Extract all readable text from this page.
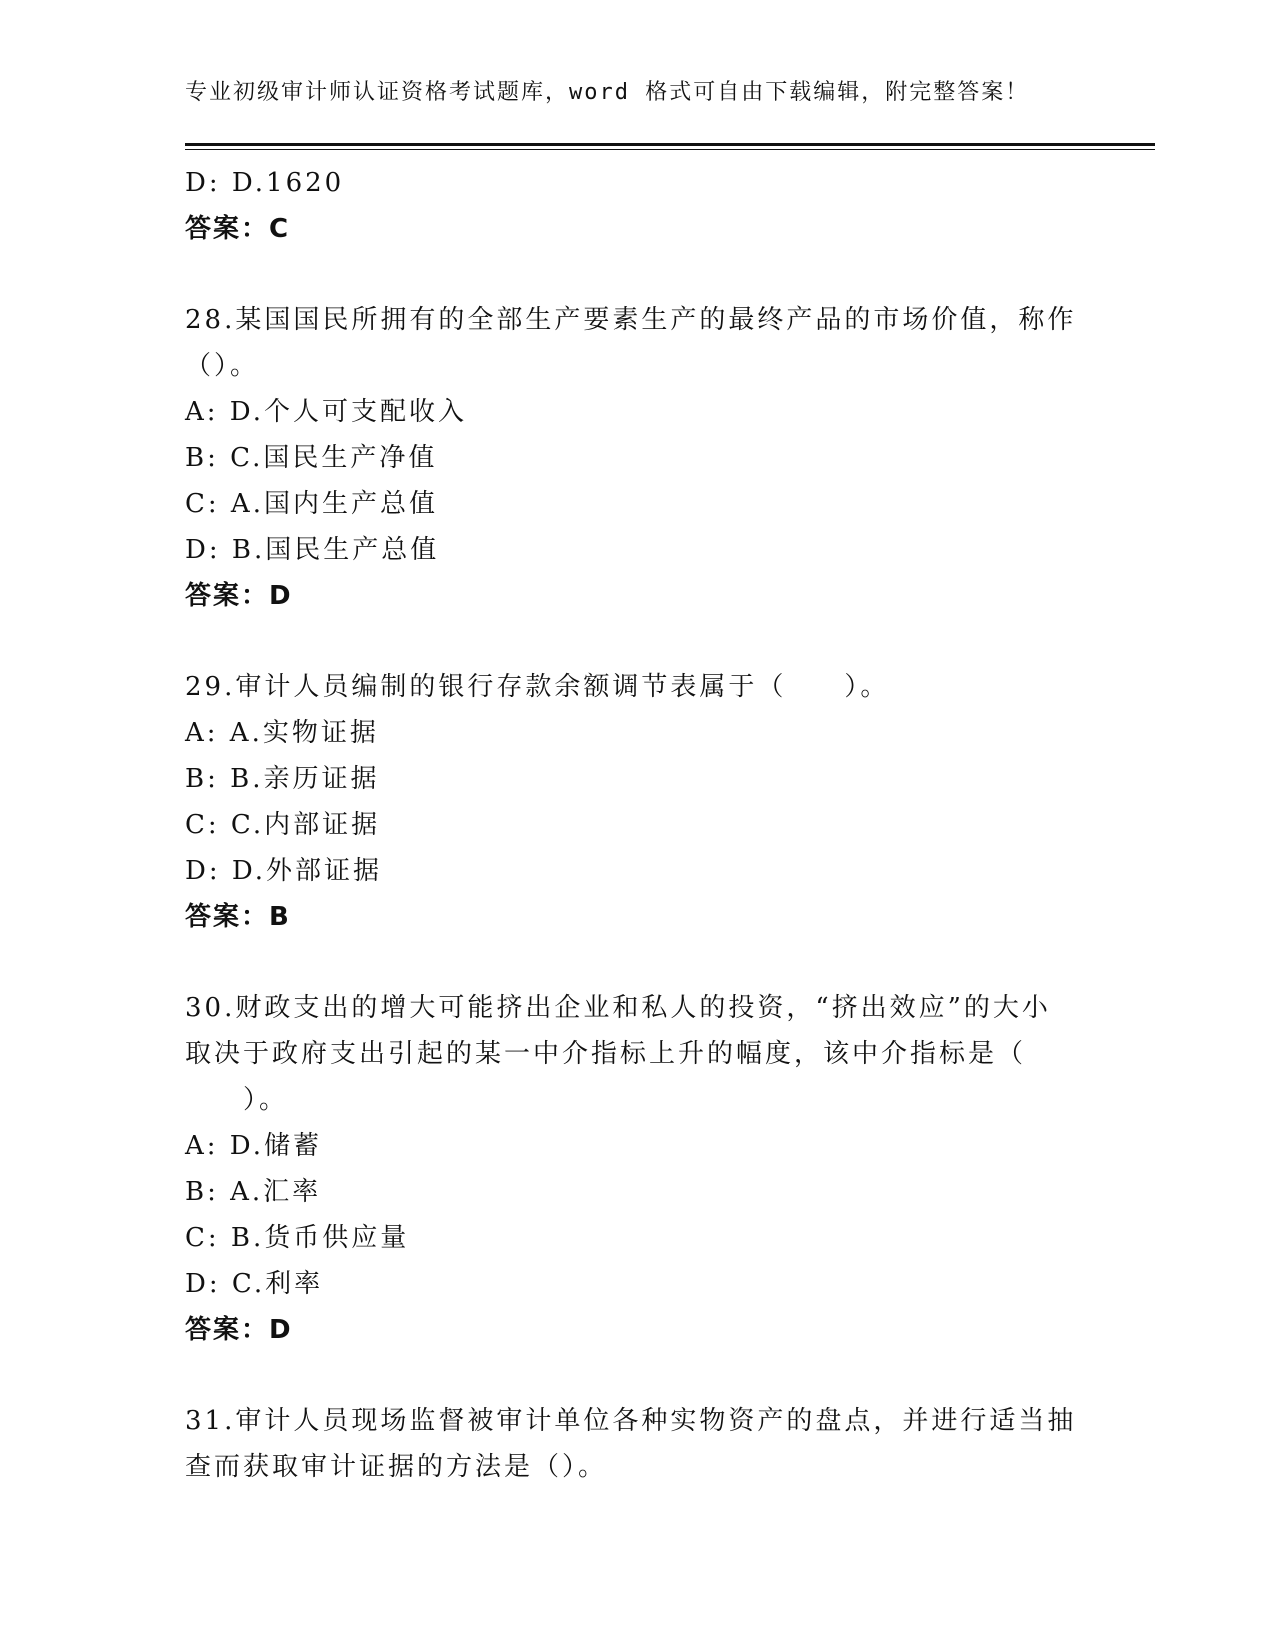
专业初级审计师认证资格考试题库，word 格式可自由下载编辑，附完整答案！
D: D.1620
答案：C
28.某国国民所拥有的全部生产要素生产的最终产品的市场价值，称作
（）。
A: D.个人可支配收入
B: C.国民生产净值
C: A.国内生产总值
D: B.国民生产总值
答案：D
29.审计人员编制的银行存款余额调节表属于（　　）。
A: A.实物证据
B: B.亲历证据
C: C.内部证据
D: D.外部证据
答案：B
30.财政支出的增大可能挤出企业和私人的投资，“挤出效应”的大小
取决于政府支出引起的某一中介指标上升的幅度，该中介指标是（
　　）。
A: D.储蓄
B: A.汇率
C: B.货币供应量
D: C.利率
答案：D
31.审计人员现场监督被审计单位各种实物资产的盘点，并进行适当抽
查而获取审计证据的方法是（）。
